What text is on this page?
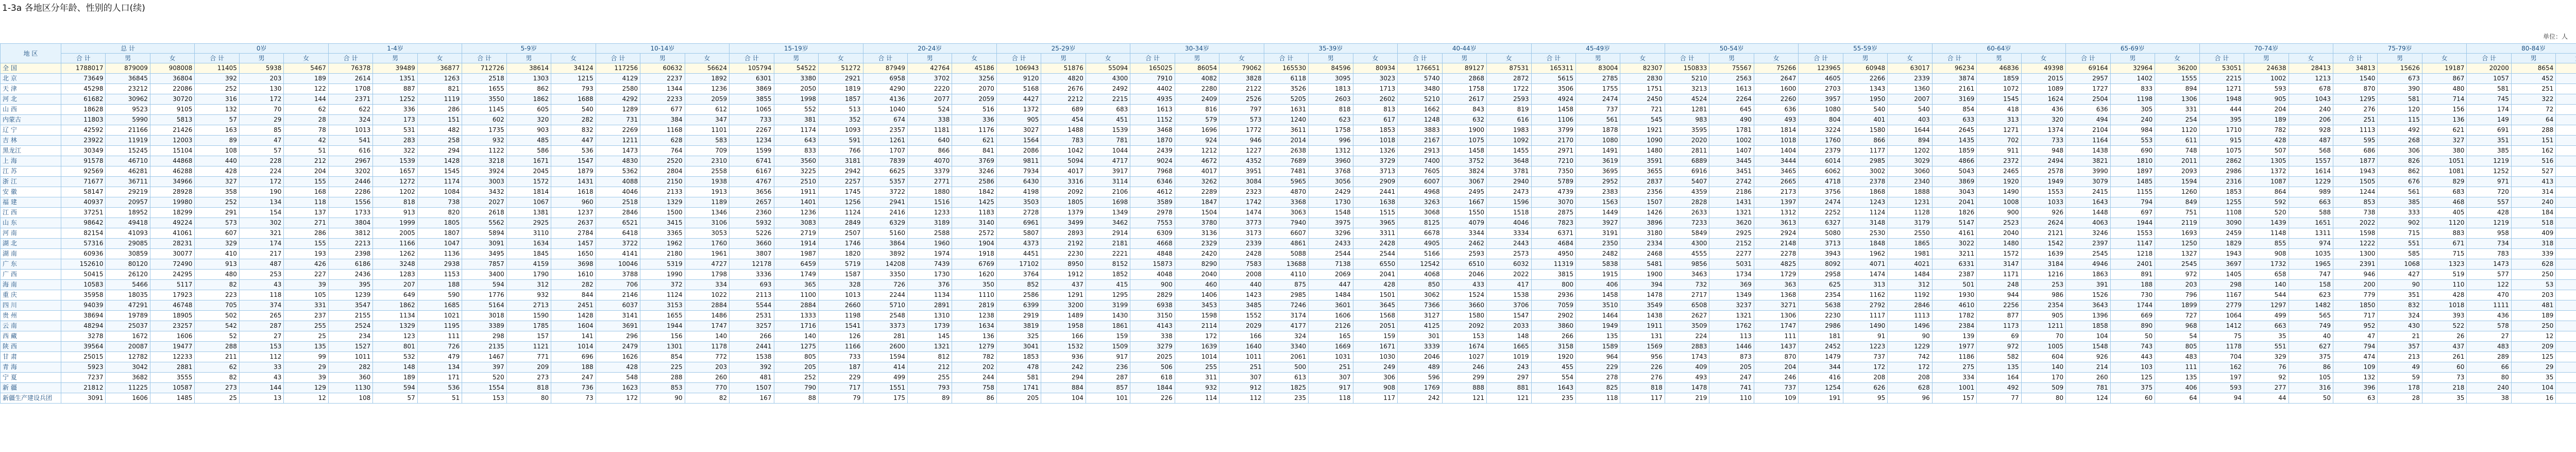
1-3a 各地区分年龄、性别的人口(续)
单位：人
地 区	总 计	0岁	1-4岁	5-9岁	10-14岁	15-19岁	20-24岁	25-29岁	30-34岁	35-39岁	40-44岁	45-49岁	50-54岁	55-59岁	60-64岁	65-69岁	70-74岁	75-79岁	80-84岁				
合 计	男	女	合 计	男	女	合 计	男	女	合 计	男	女	合 计	男	女	合 计	男	女	合 计	男	女	合 计	男	女	合 计	男	女	合 计	男	女	合 计	男	女	合 计	男	女	合 计	男	女	合 计	男	女	合 计	男	女	合 计	男	女	合 计	男	女	合 计	男	女	合 计	男													
全 国	1788017	879009	908008	11405	5938	5467	76378	39489	36877	712726	38614	34124	117256	60632	56624	105794	54522	51272	87949	42764	45186	106943	51876	55094	165025	86054	79062	165530	84596	80934	176651	89127	87531	165311	83004	82307	150833	75567	75266	123965	60948	63017	96234	46836	49398	69164	32964	36200	53051	24638	28413	34813	15626	19187	20200	8654													
北 京	73649	36845	36804	392	203	189	2614	1351	1263	2518	1303	1215	4129	2237	1892	6301	3380	2921	6958	3702	3256	9120	4820	4300	7910	4082	3828	6118	3095	3023	5740	2868	2872	5615	2785	2830	5210	2563	2647	4605	2266	2339	3874	1859	2015	2957	1402	1555	2215	1002	1213	1540	673	867	1057	452													
天 津	45298	23212	22086	252	130	122	1708	887	821	1655	862	793	2580	1344	1236	3869	2050	1819	4290	2220	2070	5168	2676	2492	4402	2280	2122	3526	1813	1713	3480	1758	1722	3506	1755	1751	3213	1613	1600	2703	1343	1360	2161	1072	1089	1727	833	894	1271	593	678	870	390	480	581	251													
河 北	61682	30962	30720	316	172	144	2371	1252	1119	3550	1862	1688	4292	2233	2059	3855	1998	1857	4136	2077	2059	4427	2212	2215	4935	2409	2526	5205	2603	2602	5210	2617	2593	4924	2474	2450	4524	2264	2260	3957	1950	2007	3169	1545	1624	2504	1198	1306	1948	905	1043	1295	581	714	745	322													
山 西	18628	9523	9105	132	70	62	622	336	286	1145	605	540	1289	677	612	1065	552	513	1040	524	516	1372	689	683	1613	816	797	1631	818	813	1662	843	819	1458	737	721	1281	645	636	1080	540	540	854	418	436	636	305	331	444	204	240	276	120	156	174	72													
内蒙古	11803	5990	5813	57	29	28	324	173	151	602	320	282	731	384	347	733	381	352	674	338	336	905	454	451	1152	579	573	1240	623	617	1248	632	616	1106	561	545	983	490	493	804	401	403	633	313	320	494	240	254	395	189	206	251	115	136	149	64													
辽 宁	42592	21166	21426	163	85	78	1013	531	482	1735	903	832	2269	1168	1101	2267	1174	1093	2357	1181	1176	3027	1488	1539	3468	1696	1772	3611	1758	1853	3883	1900	1983	3799	1878	1921	3595	1781	1814	3224	1580	1644	2645	1271	1374	2104	984	1120	1710	782	928	1113	492	621	691	288													
吉 林	23922	11919	12003	89	47	42	541	283	258	932	485	447	1211	628	583	1234	643	591	1261	640	621	1564	783	781	1870	924	946	2014	996	1018	2167	1075	1092	2170	1080	1090	2020	1002	1018	1760	866	894	1435	702	733	1164	553	611	915	428	487	595	268	327	351	151													
黑龙江	30349	15245	15104	108	57	51	616	322	294	1122	586	536	1473	764	709	1599	833	766	1707	866	841	2086	1042	1044	2439	1212	1227	2638	1312	1326	2913	1458	1455	2971	1491	1480	2811	1407	1404	2379	1177	1202	1859	911	948	1438	690	748	1075	507	568	686	306	380	385	162													
上 海	91578	46710	44868	440	228	212	2967	1539	1428	3218	1671	1547	4830	2520	2310	6741	3560	3181	7839	4070	3769	9811	5094	4717	9024	4672	4352	7689	3960	3729	7400	3752	3648	7210	3619	3591	6889	3445	3444	6014	2985	3029	4866	2372	2494	3821	1810	2011	2862	1305	1557	1877	826	1051	1219	516													
江 苏	92569	46281	46288	428	224	204	3202	1657	1545	3924	2045	1879	5362	2804	2558	6167	3225	2942	6625	3379	3246	7934	4017	3917	7968	4017	3951	7481	3768	3713	7605	3824	3781	7350	3695	3655	6916	3451	3465	6062	3002	3060	5043	2465	2578	3990	1897	2093	2986	1372	1614	1943	862	1081	1252	527													
浙 江	71677	36711	34966	327	172	155	2446	1272	1174	3003	1572	1431	4088	2150	1938	4767	2510	2257	5357	2771	2586	6430	3316	3114	6346	3262	3084	5965	3056	2909	6007	3067	2940	5789	2952	2837	5407	2742	2665	4718	2378	2340	3869	1920	1949	3079	1485	1594	2316	1087	1229	1505	676	829	971	413													
安 徽	58147	29219	28928	358	190	168	2286	1202	1084	3432	1814	1618	4046	2133	1913	3656	1911	1745	3722	1880	1842	4198	2092	2106	4612	2289	2323	4870	2429	2441	4968	2495	2473	4739	2383	2356	4359	2186	2173	3756	1868	1888	3043	1490	1553	2415	1155	1260	1853	864	989	1244	561	683	720	314													
福 建	40937	20957	19980	252	134	118	1556	818	738	2027	1067	960	2518	1329	1189	2657	1401	1256	2941	1516	1425	3503	1805	1698	3589	1847	1742	3368	1730	1638	3263	1667	1596	3070	1563	1507	2828	1431	1397	2474	1243	1231	2041	1008	1033	1643	794	849	1255	592	663	853	385	468	557	240													
江 西	37251	18952	18299	291	154	137	1733	913	820	2618	1381	1237	2846	1500	1346	2360	1236	1124	2416	1233	1183	2728	1379	1349	2978	1504	1474	3063	1548	1515	3068	1550	1518	2875	1449	1426	2633	1321	1312	2252	1124	1128	1826	900	926	1448	697	751	1108	520	588	738	333	405	428	184													
山 东	98642	49418	49224	573	302	271	3804	1999	1805	5562	2925	2637	6521	3415	3106	5932	3083	2849	6329	3189	3140	6961	3499	3462	7553	3780	3773	7940	3975	3965	8125	4079	4046	7823	3927	3896	7233	3620	3613	6327	3148	3179	5147	2523	2624	4063	1944	2119	3090	1439	1651	2022	902	1120	1219	518													
河 南	82154	41093	41061	607	321	286	3812	2005	1807	5894	3110	2784	6418	3365	3053	5226	2719	2507	5160	2588	2572	5807	2893	2914	6309	3136	3173	6607	3296	3311	6678	3344	3334	6371	3191	3180	5849	2925	2924	5080	2530	2550	4161	2040	2121	3246	1553	1693	2459	1148	1311	1598	715	883	958	409													
湖 北	57316	29085	28231	329	174	155	2213	1166	1047	3091	1634	1457	3722	1962	1760	3660	1914	1746	3864	1960	1904	4373	2192	2181	4668	2329	2339	4861	2433	2428	4905	2462	2443	4684	2350	2334	4300	2152	2148	3713	1848	1865	3022	1480	1542	2397	1147	1250	1829	855	974	1222	551	671	734	318													
湖 南	60936	30859	30077	410	217	193	2398	1262	1136	3495	1845	1650	4141	2180	1961	3807	1987	1820	3892	1974	1918	4451	2230	2221	4848	2420	2428	5088	2544	2544	5166	2593	2573	4950	2482	2468	4555	2277	2278	3943	1962	1981	3211	1572	1639	2545	1218	1327	1943	908	1035	1300	585	715	783	339													
广 东	152610	80120	72490	913	487	426	6186	3248	2938	7857	4159	3698	10046	5319	4727	12178	6459	5719	14208	7439	6769	17102	8950	8152	15873	8290	7583	13688	7138	6550	12542	6510	6032	11319	5838	5481	9856	5031	4825	8092	4071	4021	6331	3147	3184	4946	2401	2545	3697	1732	1965	2391	1068	1323	1473	628													
广 西	50415	26120	24295	480	253	227	2436	1283	1153	3400	1790	1610	3788	1990	1798	3336	1749	1587	3350	1730	1620	3764	1912	1852	4048	2040	2008	4110	2069	2041	4068	2046	2022	3815	1915	1900	3463	1734	1729	2958	1474	1484	2387	1171	1216	1863	891	972	1405	658	747	946	427	519	577	250													
海 南	10583	5466	5117	82	43	39	395	207	188	594	312	282	706	372	334	693	365	328	726	376	350	852	437	415	900	460	440	875	447	428	850	433	417	800	406	394	732	369	363	625	313	312	501	248	253	391	188	203	298	140	158	200	90	110	122	53													
重 庆	35958	18035	17923	223	118	105	1239	649	590	1776	932	844	2146	1124	1022	2113	1100	1013	2244	1134	1110	2586	1291	1295	2829	1406	1423	2985	1484	1501	3062	1524	1538	2936	1458	1478	2717	1349	1368	2354	1162	1192	1930	944	986	1526	730	796	1167	544	623	779	351	428	470	203													
四 川	94039	47291	46748	705	374	331	3547	1862	1685	5164	2713	2451	6037	3153	2884	5544	2884	2660	5710	2891	2819	6399	3200	3199	6938	3453	3485	7246	3601	3645	7366	3660	3706	7059	3510	3549	6508	3237	3271	5638	2792	2846	4610	2256	2354	3643	1744	1899	2779	1297	1482	1850	832	1018	1111	481													
贵 州	38694	19789	18905	502	265	237	2155	1134	1021	3018	1590	1428	3141	1655	1486	2531	1333	1198	2548	1310	1238	2919	1489	1430	3150	1598	1552	3174	1606	1568	3127	1580	1547	2902	1464	1438	2627	1321	1306	2230	1117	1113	1782	877	905	1396	669	727	1064	499	565	717	324	393	436	189													
云 南	48294	25037	23257	542	287	255	2524	1329	1195	3389	1785	1604	3691	1944	1747	3257	1716	1541	3373	1739	1634	3819	1958	1861	4143	2114	2029	4177	2126	2051	4125	2092	2033	3860	1949	1911	3509	1762	1747	2986	1490	1496	2384	1173	1211	1858	890	968	1412	663	749	952	430	522	578	250													
西 藏	3278	1672	1606	52	27	25	234	123	111	298	157	141	296	156	140	266	140	126	281	145	136	325	166	159	338	172	166	324	165	159	301	153	148	266	135	131	224	113	111	181	91	90	139	69	70	104	50	54	75	35	40	47	21	26	27	12													
陕 西	39564	20087	19477	288	153	135	1527	801	726	2135	1121	1014	2479	1301	1178	2441	1275	1166	2600	1321	1279	3041	1532	1509	3279	1639	1640	3340	1669	1671	3339	1674	1665	3158	1589	1569	2883	1446	1437	2452	1223	1229	1977	972	1005	1548	743	805	1178	551	627	794	357	437	483	209													
甘 肃	25015	12782	12233	211	112	99	1011	532	479	1467	771	696	1626	854	772	1538	805	733	1594	812	782	1853	936	917	2025	1014	1011	2061	1031	1030	2046	1027	1019	1920	964	956	1743	873	870	1479	737	742	1186	582	604	926	443	483	704	329	375	474	213	261	289	125													
青 海	5923	3042	2881	62	33	29	282	148	134	397	209	188	428	225	203	392	205	187	414	212	202	478	242	236	506	255	251	500	251	249	489	246	243	455	229	226	409	205	204	344	172	172	275	135	140	214	103	111	162	76	86	109	49	60	66	29													
宁 夏	7237	3682	3555	82	43	39	360	189	171	520	273	247	548	288	260	481	252	229	499	255	244	581	294	287	618	311	307	613	307	306	596	299	297	554	278	276	493	247	246	416	208	208	334	164	170	260	125	135	197	92	105	132	59	73	80	35													
新 疆	21812	11225	10587	273	144	129	1130	594	536	1554	818	736	1623	853	770	1507	790	717	1551	793	758	1741	884	857	1844	932	912	1825	917	908	1769	888	881	1643	825	818	1478	741	737	1254	626	628	1001	492	509	781	375	406	593	277	316	396	178	218	240	104													
新疆生产建设兵团	3091	1606	1485	25	13	12	108	57	51	153	80	73	172	90	82	167	88	79	175	89	86	205	104	101	226	114	112	235	118	117	242	121	121	235	118	117	219	110	109	191	95	96	157	77	80	124	60	64	94	44	50	63	28	35	38	16													
